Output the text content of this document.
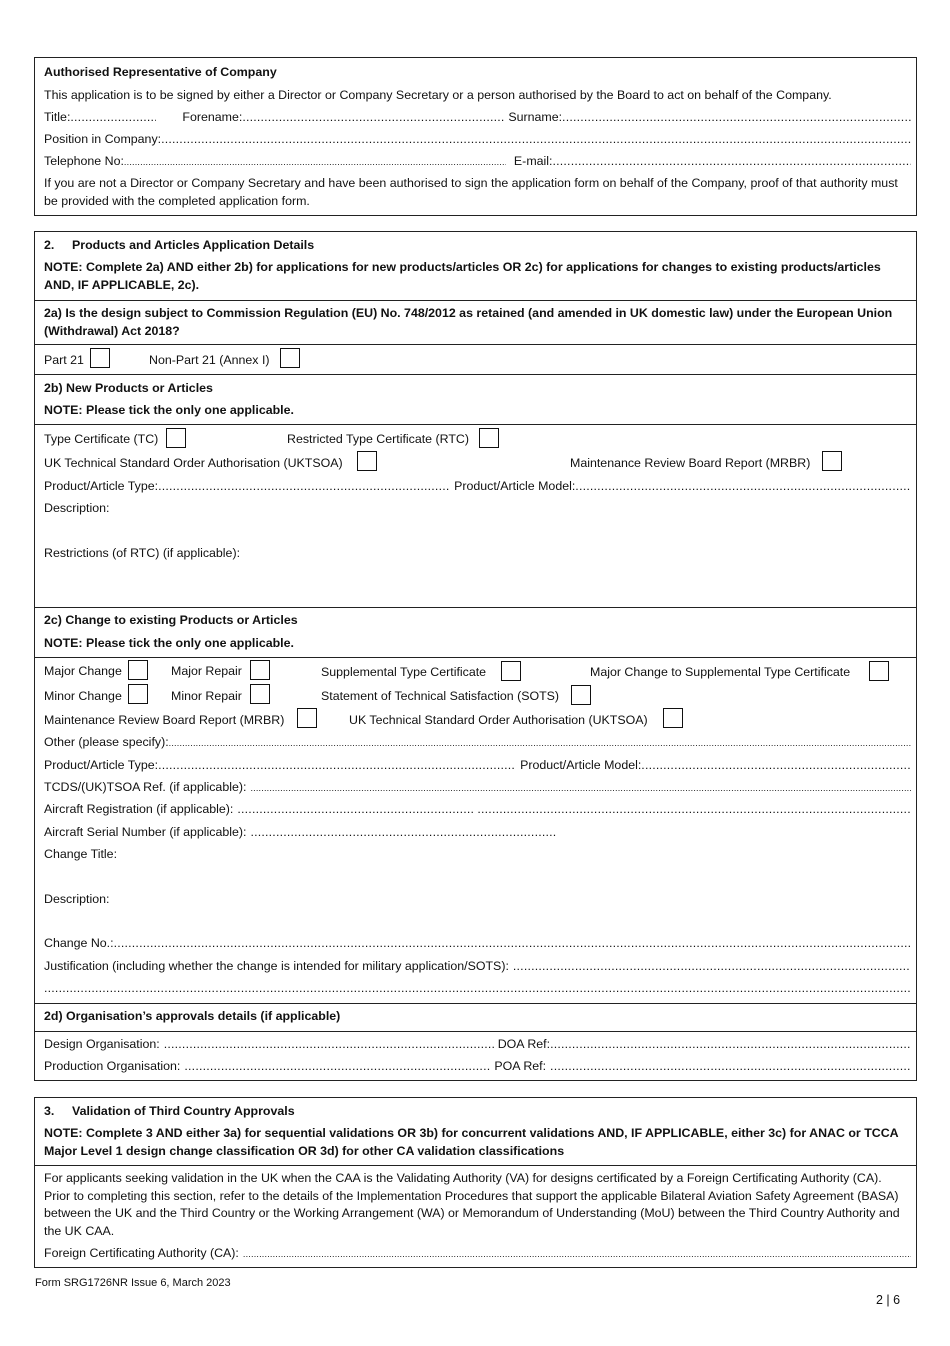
Authorised Representative of Company
This application is to be signed by either a Director or Company Secretary or a person authorised by the Board to act on behalf of the Company.
Title: .....	Forename: .....	Surname:
.....
Position in Company:
.....
Telephone No: .....	E-mail:
.....
If you are not a Director or Company Secretary and have been authorised to sign the application form on behalf of the Company, proof of that authority must be provided with the completed application form.
2. Products and Articles Application Details
NOTE: Complete 2a) AND either 2b) for applications for new products/articles OR 2c) for applications for changes to existing products/articles AND, IF APPLICABLE, 2c).
2a) Is the design subject to Commission Regulation (EU) No. 748/2012 as retained (and amended in UK domestic law) under the European Union (Withdrawal) Act 2018?
Part 21	Non-Part 21 (Annex I)
2b) New Products or Articles
NOTE: Please tick the only one applicable.
Type Certificate (TC)	Restricted Type Certificate (RTC)
UK Technical Standard Order Authorisation (UKTSOA)	Maintenance Review Board Report (MRBR)
Product/Article Type: .....	Product/Article Model:
.....
Description:
Restrictions (of RTC) (if applicable):
2c) Change to existing Products or Articles
NOTE: Please tick the only one applicable.
Major Change	Major Repair	Supplemental Type Certificate	Major Change to Supplemental Type Certificate
Minor Change	Minor Repair	Statement of Technical Satisfaction (SOTS)
Maintenance Review Board Report (MRBR)	UK Technical Standard Order Authorisation (UKTSOA)
Other (please specify):
.....
Product/Article Type: .....	Product/Article Model:
.....
TCDS/(UK)TSOA Ref. (if applicable):
.....
Aircraft Registration (if applicable):
.....
.....
Aircraft Serial Number (if applicable):
.....
Change Title:
Description:
Change No.:
.....
Justification (including whether the change is intended for military application/SOTS):
.....
.....
2d) Organisation’s approvals details (if applicable)
Design Organisation: .....	DOA Ref:
.....
Production Organisation: .....	POA Ref:
.....
3. Validation of Third Country Approvals
NOTE: Complete 3 AND either 3a) for sequential validations OR 3b) for concurrent validations AND, IF APPLICABLE, either 3c) for ANAC or TCCA Major Level 1 design change classification OR 3d) for other CA validation classifications
For applicants seeking validation in the UK when the CAA is the Validating Authority (VA) for designs certificated by a Foreign Certificating Authority (CA). Prior to completing this section, refer to the details of the Implementation Procedures that support the applicable Bilateral Aviation Safety Agreement (BASA) between the UK and the Third Country or the Working Arrangement (WA) or Memorandum of Understanding (MoU) between the Third Country Authority and the UK CAA.
Foreign Certificating Authority (CA):
.....
Form SRG1726NR Issue 6, March 2023
2 | 6
